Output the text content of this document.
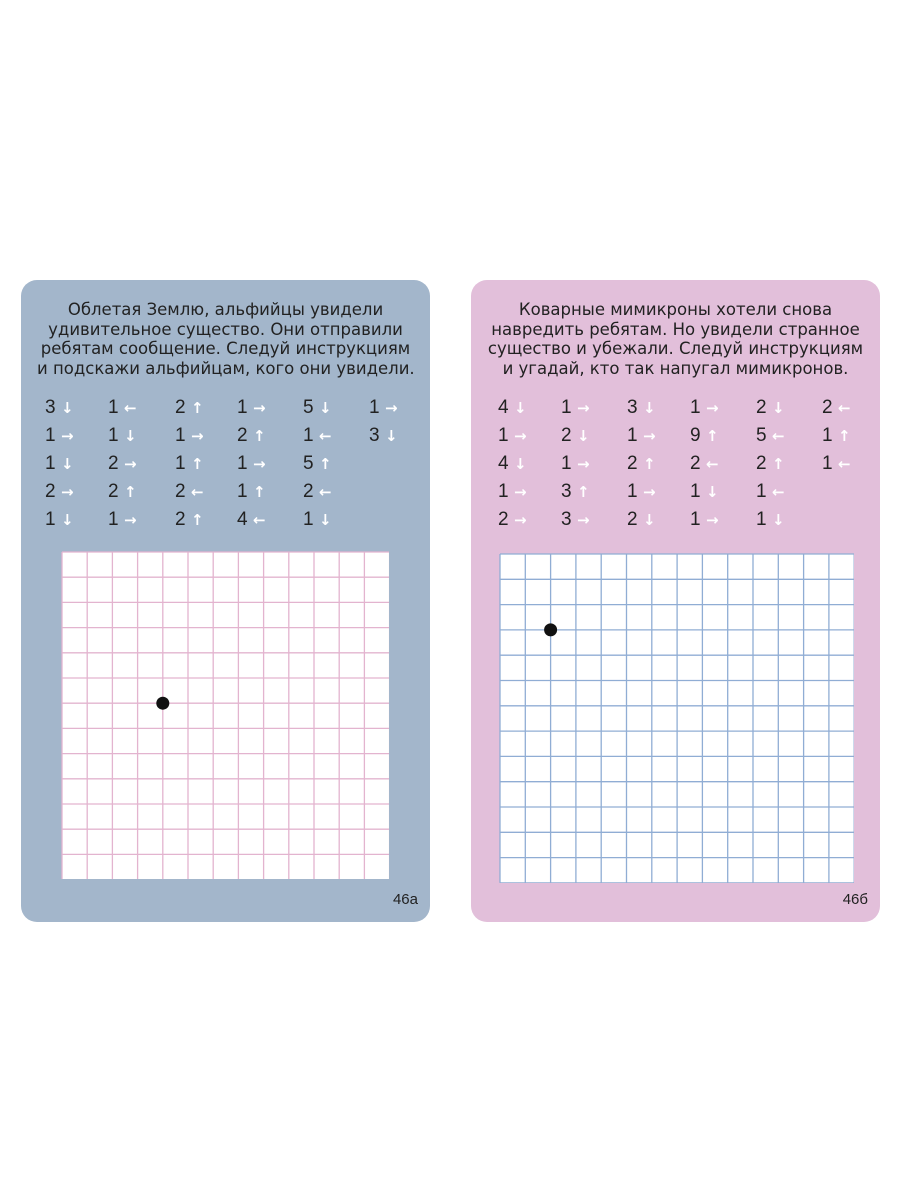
Облетая Землю, альфийцы увидели
удивительное существо. Они отправили
ребятам сообщение. Следуй инструкциям
и подскажи альфийцам, кого они увидели.
3 ↓
1 →
1 ↓
2 →
1 ↓
1 ←
1 ↓
2 →
2 ↑
1 →
2 ↑
1 →
1 ↑
2 ←
2 ↑
1 →
2 ↑
1 →
1 ↑
4 ←
5 ↓
1 ←
5 ↑
2 ←
1 ↓
1 →
3 ↓
46а
Коварные мимикроны хотели снова
навредить ребятам. Но увидели странное
существо и убежали. Следуй инструкциям
и угадай, кто так напугал мимикронов.
4 ↓
1 →
4 ↓
1 →
2 →
1 →
2 ↓
1 →
3 ↑
3 →
3 ↓
1 →
2 ↑
1 →
2 ↓
1 →
9 ↑
2 ←
1 ↓
1 →
2 ↓
5 ←
2 ↑
1 ←
1 ↓
2 ←
1 ↑
1 ←
46б
